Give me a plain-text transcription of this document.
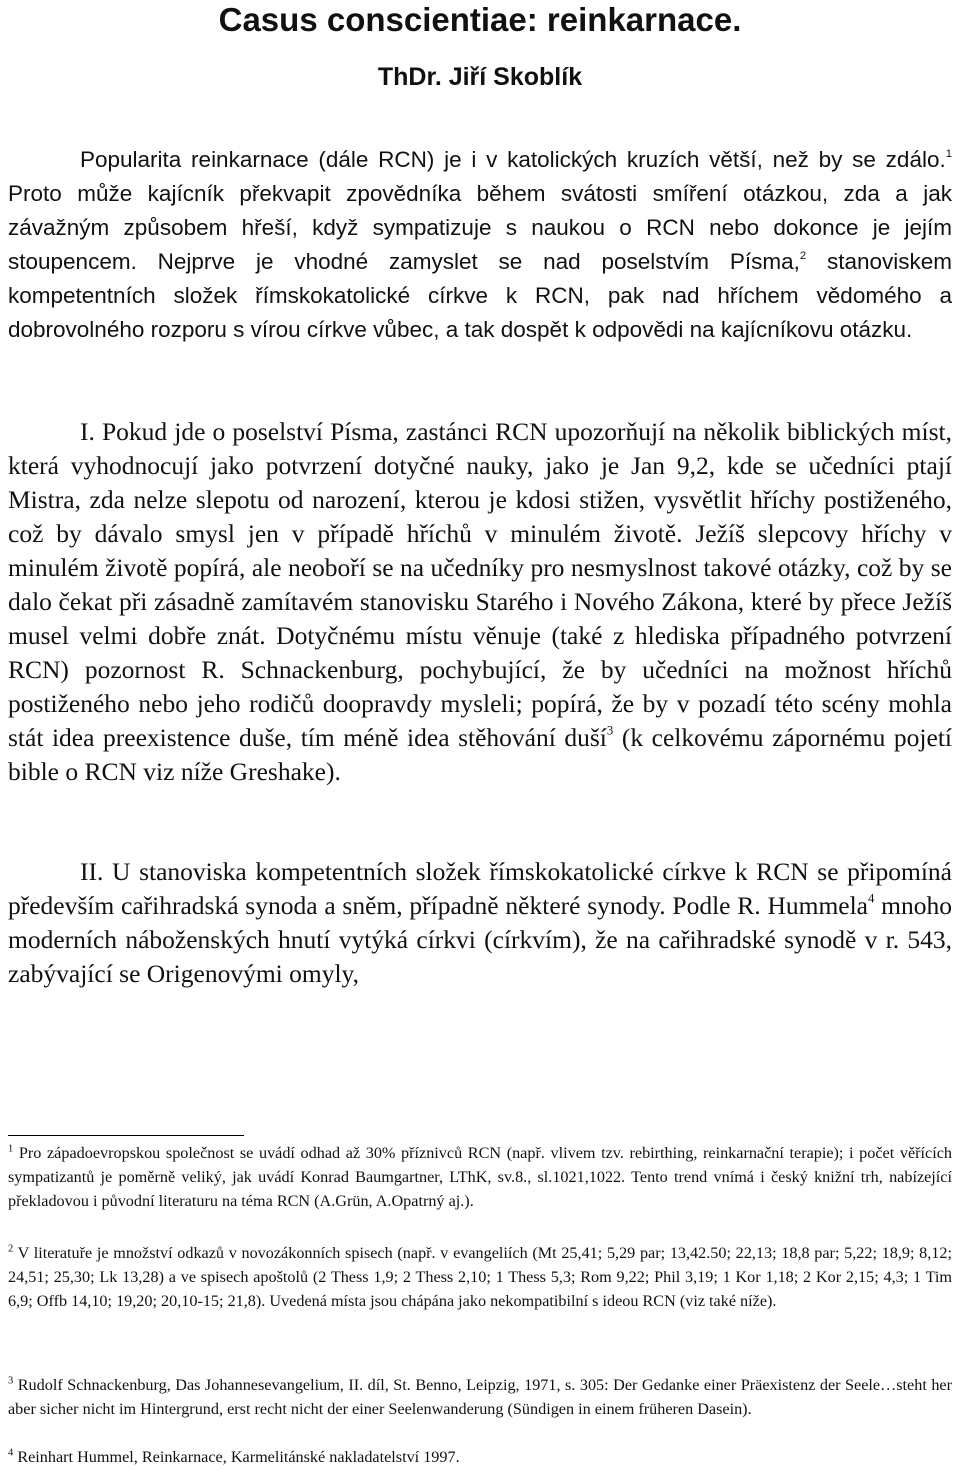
Casus conscientiae: reinkarnace.
ThDr. Jiří Skoblík

Popularita reinkarnace (dále RCN) je i v katolických kruzích větší, než by se zdálo.$^1$ Proto může kajícník překvapit zpovědníka během svátosti smíření otázkou, zda a jak závažným způsobem hřeší, když sympatizuje s naukou o RCN nebo dokonce je jejím stoupencem. Nejprve je vhodné zamyslet se nad poselstvím Písma,$^2$ stanoviskem kompetentních složek římskokatolické církve k RCN, pak nad hříchem vědomého a dobrovolného rozporu s vírou církve vůbec, a tak dospět k odpovědi na kajícníkovu otázku.

I. Pokud jde o poselství Písma, zastánci RCN upozorňují na několik biblických míst, která vyhodnocují jako potvrzení dotyčné nauky, jako je Jan 9,2, kde se učedníci ptají Mistra, zda nelze slepotu od narození, kterou je kdosi stižen, vysvětlit hříchy postiženého, což by dávalo smysl jen v případě hříchů v minulém životě. Ježíš slepcovy hříchy v minulém životě popírá, ale neoboří se na učedníky pro nesmyslnost takové otázky, což by se dalo čekat při zásadně zamítavém stanovisku Starého i Nového Zákona, které by přece Ježíš musel velmi dobře znát. Dotyčnému místu věnuje (také z hlediska případného potvrzení RCN) pozornost R. Schnackenburg, pochybující, že by učedníci na možnost hříchů postiženého nebo jeho rodičů doopravdy mysleli; popírá, že by v pozadí této scény mohla stát idea preexistence duše, tím méně idea stěhování duší$^3$ (k celkovému zápornému pojetí bible o RCN viz níže Greshake).

II. U stanoviska kompetentních složek římskokatolické církve k RCN se připomíná především cařihradská synoda a sněm, případně některé synody. Podle R. Hummela$^4$ mnoho moderních náboženských hnutí vytýká církvi (církvím), že na cařihradské synodě v r. 543, zabývající se Origenovými omyly,

$^1$ Pro západoevropskou společnost se uvádí odhad až 30% příznivců RCN (např. vlivem tzv. rebirthing, reinkarnační terapie); i počet věřících sympatizantů je poměrně veliký, jak uvádí Konrad Baumgartner, LThK, sv.8., sl.1021,1022. Tento trend vnímá i český knižní trh, nabízející překladovou i původní literaturu na téma RCN (A.Grün, A.Opatrný aj.).

$^2$ V literatuře je množství odkazů v novozákonních spisech (např. v evangeliích (Mt 25,41; 5,29 par; 13,42.50; 22,13; 18,8 par; 5,22; 18,9; 8,12; 24,51; 25,30; Lk 13,28) a ve spisech apoštolů (2 Thess 1,9; 2 Thess 2,10; 1 Thess 5,3; Rom 9,22; Phil 3,19; 1 Kor 1,18; 2 Kor 2,15; 4,3; 1 Tim 6,9; Offb 14,10; 19,20; 20,10-15; 21,8). Uvedená místa jsou chápána jako nekompatibilní s ideou RCN (viz také níže).

$^3$ Rudolf Schnackenburg, Das Johannesevangelium, II. díl, St. Benno, Leipzig, 1971, s. 305: Der Gedanke einer Präexistenz der Seele…steht her aber sicher nicht im Hintergrund, erst recht nicht der einer Seelenwanderung (Sündigen in einem früheren Dasein).

$^4$ Reinhart Hummel, Reinkarnace, Karmelitánské nakladatelství 1997.
